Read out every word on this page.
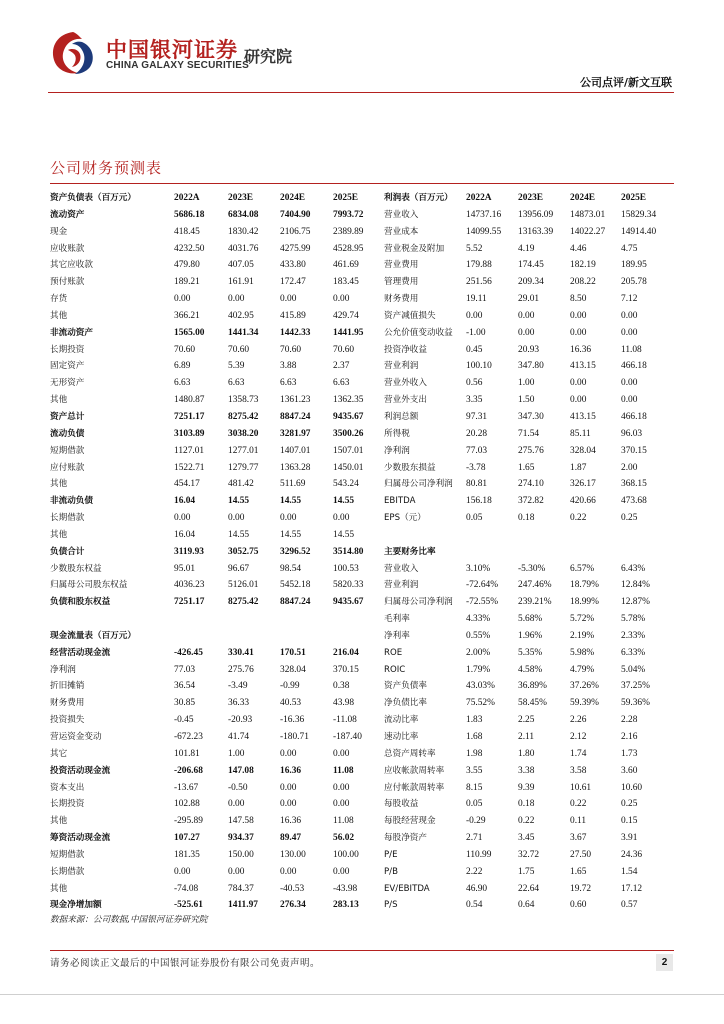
中国银河证券
CHINA GALAXY SECURITIES
研究院
公司点评/新文互联
公司财务预测表
资产负债表（百万元）	2022A	2023E	2024E	2025E
流动资产	5686.18	6834.08 7404.90 7993.72
现金	418.45	1830.42 2106.75 2389.89
应收账款	4232.50	4031.76 4275.99 4528.95
其它应收款	479.80	407.05	433.80	461.69
预付账款	189.21	161.91	172.47	183.45
存货	0.00	0.00	0.00	0.00
其他	366.21	402.95	415.89	429.74
非流动资产	1565.00	1441.34 1442.33 1441.95
长期投资	70.60	70.60	70.60	70.60
固定资产	6.89	5.39	3.88	2.37
无形资产	6.63	6.63	6.63	6.63
其他	1480.87	1358.73 1361.23 1362.35
资产总计	7251.17	8275.42 8847.24 9435.67
流动负债	3103.89	3038.20 3281.97 3500.26
短期借款	1127.01	1277.01 1407.01 1507.01
应付账款	1522.71	1279.77 1363.28 1450.01
其他	454.17	481.42	511.69	543.24
非流动负债	16.04	14.55	14.55	14.55
长期借款	0.00	0.00	0.00	0.00
其他	16.04	14.55	14.55	14.55
负债合计	3119.93	3052.75 3296.52 3514.80
少数股东权益	95.01	96.67	98.54	100.53
归属母公司股东权益	4036.23	5126.01 5452.18 5820.33
负债和股东权益	7251.17	8275.42 8847.24 9435.67
现金流量表（百万元）
经营活动现金流	-426.45	330.41	170.51	216.04
净利润	77.03	275.76	328.04	370.15
折旧摊销	36.54	-3.49	-0.99	0.38
财务费用	30.85	36.33	40.53	43.98
投资损失	-0.45	-20.93	-16.36	-11.08
营运资金变动	-672.23	41.74	-180.71	-187.40
其它	101.81	1.00	0.00	0.00
投资活动现金流	-206.68	147.08	16.36	11.08
资本支出	-13.67	-0.50	0.00	0.00
长期投资	102.88	0.00	0.00	0.00
其他	-295.89	147.58	16.36	11.08
筹资活动现金流	107.27	934.37	89.47	56.02
短期借款	181.35	150.00	130.00	100.00
长期借款	0.00	0.00	0.00	0.00
其他	-74.08	784.37	-40.53	-43.98
现金净增加额	-525.61	1411.97 276.34	283.13
利润表（百万元） 2022A	2023E	2024E	2025E
营业收入	14737.16 13956.09 14873.01 15829.34
营业成本	14099.55 13163.39 14022.27 14914.40
营业税金及附加 5.52	4.19	4.46	4.75
营业费用	179.88	174.45	182.19	189.95
管理费用	251.56	209.34	208.22	205.78
财务费用	19.11	29.01	8.50	7.12
资产减值损失	0.00	0.00	0.00	0.00
公允价值变动收益 -1.00	0.00	0.00	0.00
投资净收益	0.45	20.93	16.36	11.08
营业利润	100.10	347.80	413.15	466.18
营业外收入	0.56	1.00	0.00	0.00
营业外支出	3.35	1.50	0.00	0.00
利润总额	97.31	347.30	413.15	466.18
所得税	20.28	71.54	85.11	96.03
净利润	77.03	275.76	328.04	370.15
少数股东损益	-3.78	1.65	1.87	2.00
归属母公司净利润 80.81	274.10	326.17	368.15
EBITDA	156.18	372.82	420.66	473.68
EPS（元）	0.05	0.18	0.22	0.25
主要财务比率
营业收入	3.10%	-5.30%	6.57%	6.43%
营业利润	-72.64% 247.46% 18.79% 12.84%
归属母公司净利润 -72.55% 239.21% 18.99% 12.87%
毛利率	4.33%	5.68%	5.72%	5.78%
净利率	0.55%	1.96%	2.19%	2.33%
ROE	2.00%	5.35%	5.98%	6.33%
ROIC	1.79%	4.58%	4.79%	5.04%
资产负债率	43.03% 36.89% 37.26% 37.25%
净负债比率	75.52% 58.45% 59.39% 59.36%
流动比率	1.83	2.25	2.26	2.28
速动比率	1.68	2.11	2.12	2.16
总资产周转率	1.98	1.80	1.74	1.73
应收帐款周转率 3.55	3.38	3.58	3.60
应付帐款周转率 8.15	9.39	10.61	10.60
每股收益	0.05	0.18	0.22	0.25
每股经营现金	-0.29	0.22	0.11	0.15
每股净资产	2.71	3.45	3.67	3.91
P/E	110.99	32.72	27.50	24.36
P/B	2.22	1.75	1.65	1.54
EV/EBITDA	46.90	22.64	19.72	17.12
P/S	0.54	0.64	0.60	0.57
数据来源：公司数据,中国银河证券研究院
请务必阅读正文最后的中国银河证券股份有限公司免责声明。	2
